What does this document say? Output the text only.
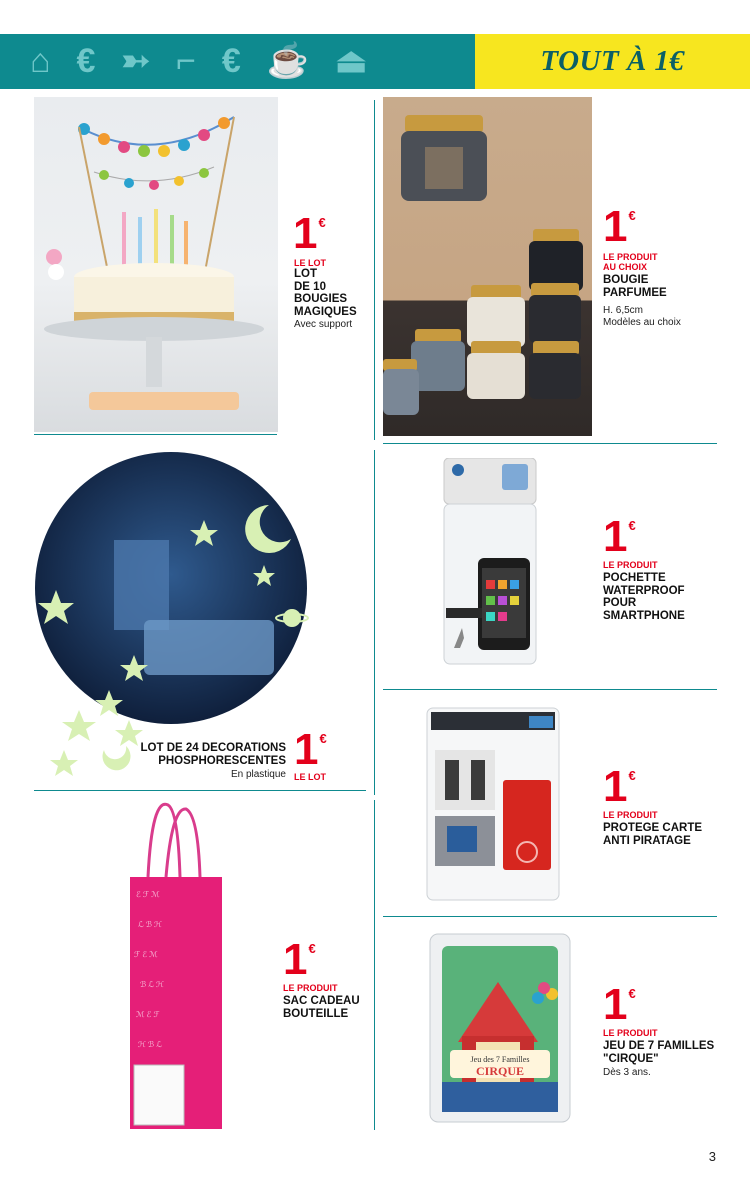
⌂ € ➳ ⌐ € ☕ ⏏	TOUT À 1€
1€
LE LOT
LOT
DE 10
BOUGIES
MAGIQUES
Avec support
1€
LE PRODUIT
AU CHOIX
BOUGIE
PARFUMEE
H. 6,5cm
Modèles au choix
LOT DE 24 DECORATIONS
PHOSPHORESCENTES
En plastique
1€
LE LOT
1€
LE PRODUIT
POCHETTE
WATERPROOF
POUR
SMARTPHONE
1€
LE PRODUIT
PROTEGE CARTE
ANTI PIRATAGE
ℰ ℱ ℳ
ℒ ℬ ℋ
ℱ ℰ ℳ
ℬ ℒ ℋ
ℳ ℰ ℱ
ℋ ℬ ℒ
1€
LE PRODUIT
SAC CADEAU
BOUTEILLE
Jeu des 7 Familles
CIRQUE
1€
LE PRODUIT
JEU DE 7 FAMILLES
"CIRQUE"
Dès 3 ans.
3
